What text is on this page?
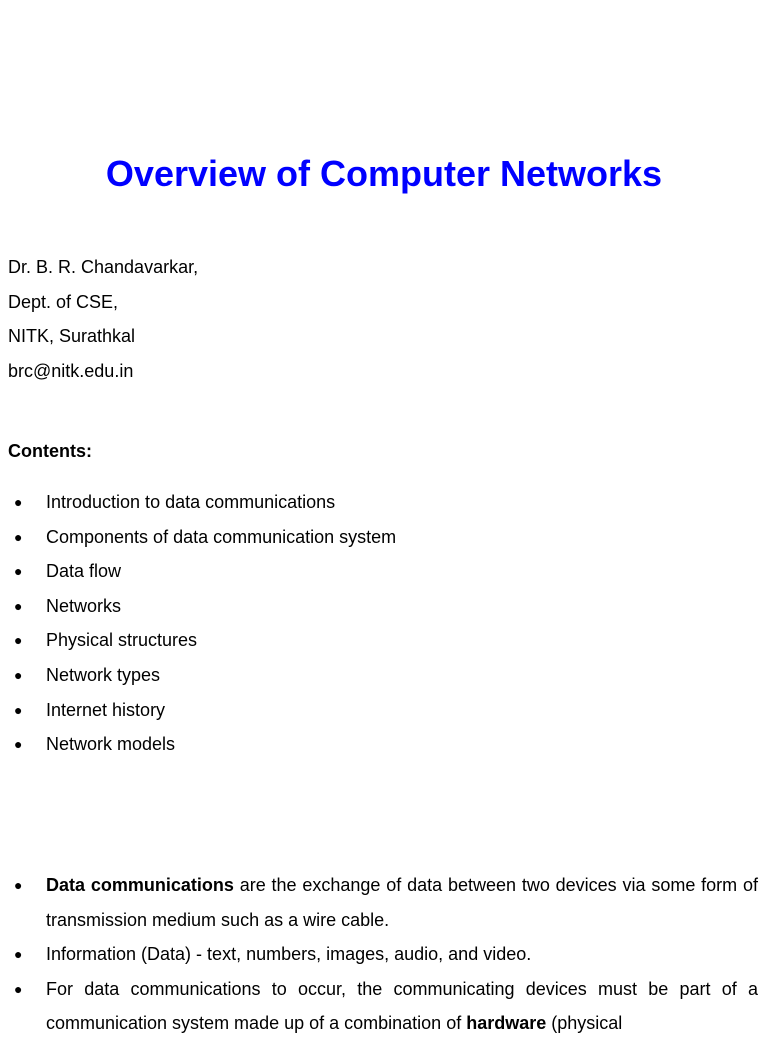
Overview of Computer Networks
Dr. B. R. Chandavarkar,
Dept. of CSE,
NITK, Surathkal
brc@nitk.edu.in
Contents:
● Introduction to data communications
● Components of data communication system
● Data flow
● Networks
● Physical structures
● Network types
● Internet history
● Network models
● Data communications are the exchange of data between two devices via some form of transmission medium such as a wire cable.
● Information (Data) - text, numbers, images, audio, and video.
● For data communications to occur, the communicating devices must be part of a communication system made up of a combination of hardware (physical
